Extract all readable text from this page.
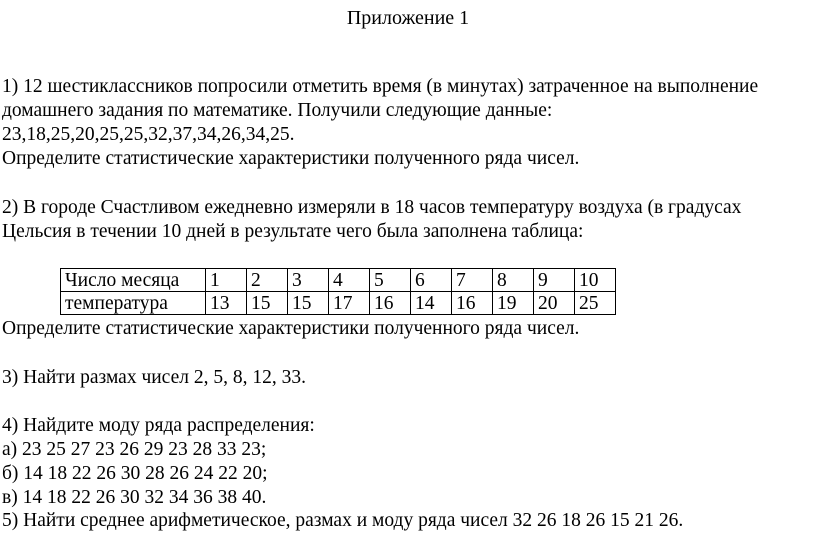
Приложение 1
1) 12 шестиклассников попросили отметить время (в минутах) затраченное на выполнение
домашнего задания по математике. Получили следующие данные:
23,18,25,20,25,25,32,37,34,26,34,25.
Определите статистические характеристики полученного ряда чисел.
2) В городе Счастливом ежедневно измеряли в 18 часов температуру воздуха (в градусах
Цельсия в течении 10 дней в результате чего была заполнена таблица:
Число месяца	1	2	3	4	5	6	7	8	9	10
температура	13	15	15	17	16	14	16	19	20	25
Определите статистические характеристики полученного ряда чисел.
3) Найти размах чисел 2, 5, 8, 12, 33.
4) Найдите моду ряда распределения:
а) 23 25 27 23 26 29 23 28 33 23;
б) 14 18 22 26 30 28 26 24 22 20;
в) 14 18 22 26 30 32 34 36 38 40.
5) Найти среднее арифметическое, размах и моду ряда чисел 32 26 18 26 15 21 26.
